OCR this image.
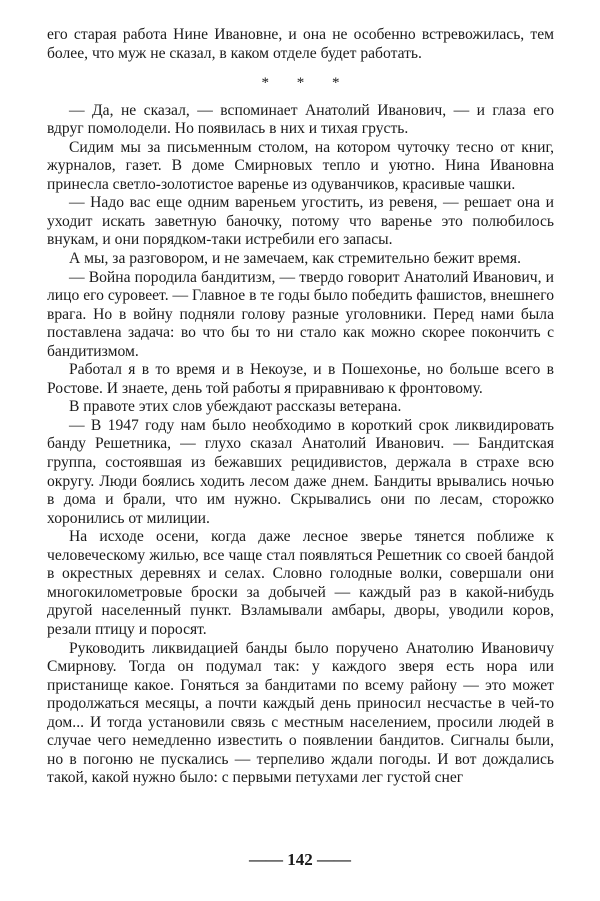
его старая работа Нине Ивановне, и она не особенно встревожилась, тем более, что муж не сказал, в каком отделе будет работать.

* * *

— Да, не сказал, — вспоминает Анатолий Иванович, — и глаза его вдруг помолодели. Но появилась в них и тихая грусть.

Сидим мы за письменным столом, на котором чуточку тесно от книг, журналов, газет. В доме Смирновых тепло и уютно. Нина Ивановна принесла светло-золотистое варенье из одуванчиков, красивые чашки.

— Надо вас еще одним вареньем угостить, из ревеня, — решает она и уходит искать заветную баночку, потому что варенье это полюбилось внукам, и они порядком-таки истребили его запасы.

А мы, за разговором, и не замечаем, как стремительно бежит время.

— Война породила бандитизм, — твердо говорит Анатолий Иванович, и лицо его суровеет. — Главное в те годы было победить фашистов, внешнего врага. Но в войну подняли голову разные уголовники. Перед нами была поставлена задача: во что бы то ни стало как можно скорее покончить с бандитизмом.

Работал я в то время и в Некоузе, и в Пошехонье, но больше всего в Ростове. И знаете, день той работы я приравниваю к фронтовому.

В правоте этих слов убеждают рассказы ветерана.

— В 1947 году нам было необходимо в короткий срок ликвидировать банду Решетника, — глухо сказал Анатолий Иванович. — Бандитская группа, состоявшая из бежавших рецидивистов, держала в страхе всю округу. Люди боялись ходить лесом даже днем. Бандиты врывались ночью в дома и брали, что им нужно. Скрывались они по лесам, сторожко хоронились от милиции.

На исходе осени, когда даже лесное зверье тянется поближе к человеческому жилью, все чаще стал появляться Решетник со своей бандой в окрестных деревнях и селах. Словно голодные волки, совершали они многокилометровые броски за добычей — каждый раз в какой-нибудь другой населенный пункт. Взламывали амбары, дворы, уводили коров, резали птицу и поросят.

Руководить ликвидацией банды было поручено Анатолию Ивановичу Смирнову. Тогда он подумал так: у каждого зверя есть нора или пристанище какое. Гоняться за бандитами по всему району — это может продолжаться месяцы, а почти каждый день приносил несчастье в чей-то дом... И тогда установили связь с местным населением, просили людей в случае чего немедленно известить о появлении бандитов. Сигналы были, но в погоню не пускались — терпеливо ждали погоды. И вот дождались такой, какой нужно было: с первыми петухами лег густой снег

—— 142 ——
